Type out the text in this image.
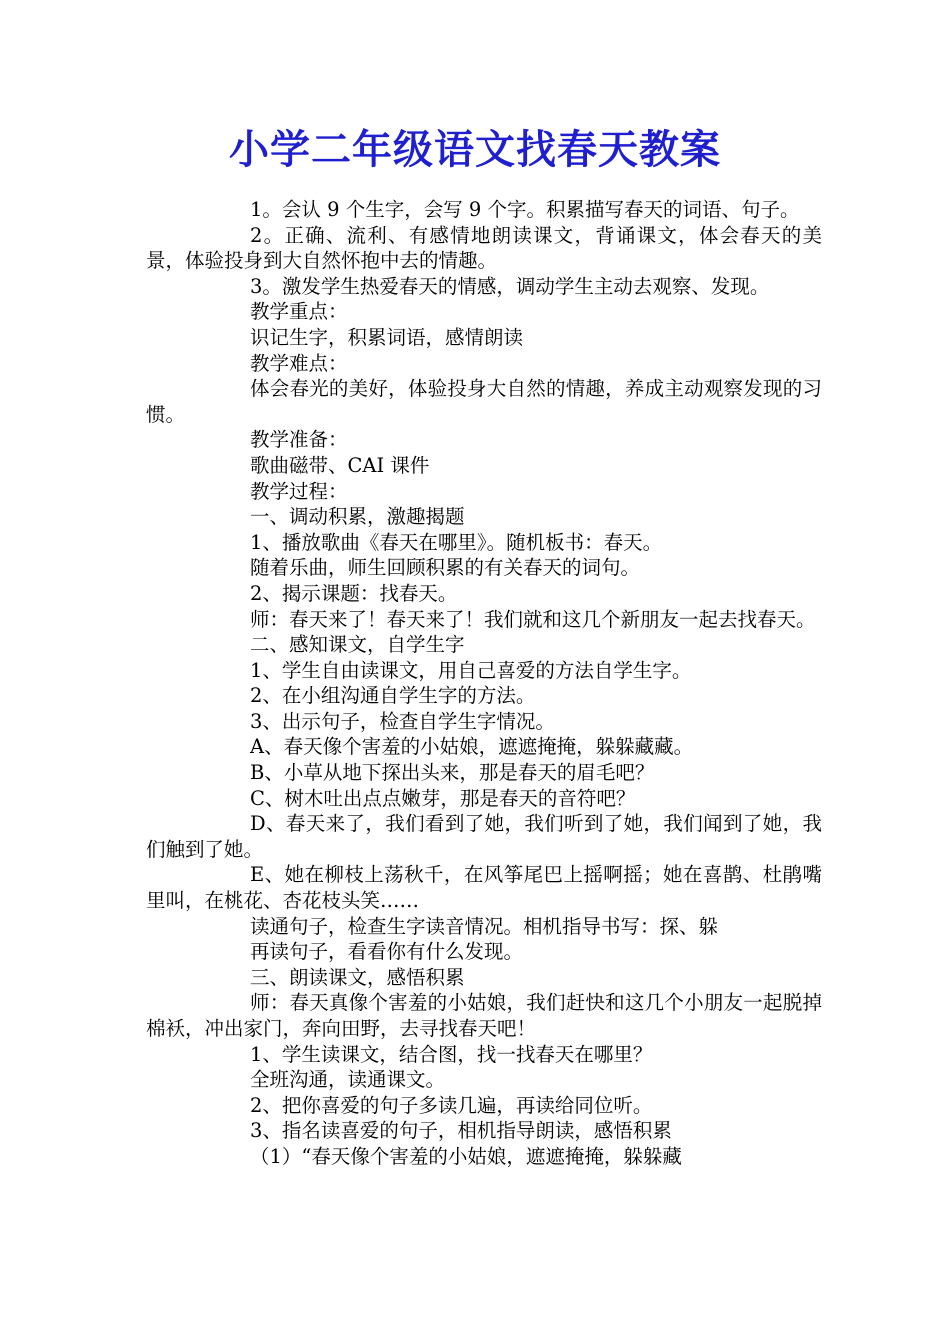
小学二年级语文找春天教案

1。会认 9 个生字，会写 9 个字。积累描写春天的词语、句子。

2。正确、流利、有感情地朗读课文，背诵课文，体会春天的美景，体验投身到大自然怀抱中去的情趣。

3。激发学生热爱春天的情感，调动学生主动去观察、发现。

教学重点：

识记生字，积累词语，感情朗读

教学难点：

体会春光的美好，体验投身大自然的情趣，养成主动观察发现的习惯。

教学准备：

歌曲磁带、CAI 课件

教学过程：

一、调动积累，激趣揭题

1、播放歌曲《春天在哪里》。随机板书：春天。

随着乐曲，师生回顾积累的有关春天的词句。

2、揭示课题：找春天。

师：春天来了！春天来了！我们就和这几个新朋友一起去找春天。

二、感知课文，自学生字

1、学生自由读课文，用自己喜爱的方法自学生字。

2、在小组沟通自学生字的方法。

3、出示句子，检查自学生字情况。

A、春天像个害羞的小姑娘，遮遮掩掩，躲躲藏藏。

B、小草从地下探出头来，那是春天的眉毛吧？

C、树木吐出点点嫩芽，那是春天的音符吧？

D、春天来了，我们看到了她，我们听到了她，我们闻到了她，我们触到了她。

E、她在柳枝上荡秋千，在风筝尾巴上摇啊摇；她在喜鹊、杜鹃嘴里叫，在桃花、杏花枝头笑……

读通句子，检查生字读音情况。相机指导书写：探、躲

再读句子，看看你有什么发现。

三、朗读课文，感悟积累

师：春天真像个害羞的小姑娘，我们赶快和这几个小朋友一起脱掉棉袄，冲出家门，奔向田野，去寻找春天吧！

1、学生读课文，结合图，找一找春天在哪里？

全班沟通，读通课文。

2、把你喜爱的句子多读几遍，再读给同位听。

3、指名读喜爱的句子，相机指导朗读，感悟积累

（1）“春天像个害羞的小姑娘，遮遮掩掩，躲躲藏
